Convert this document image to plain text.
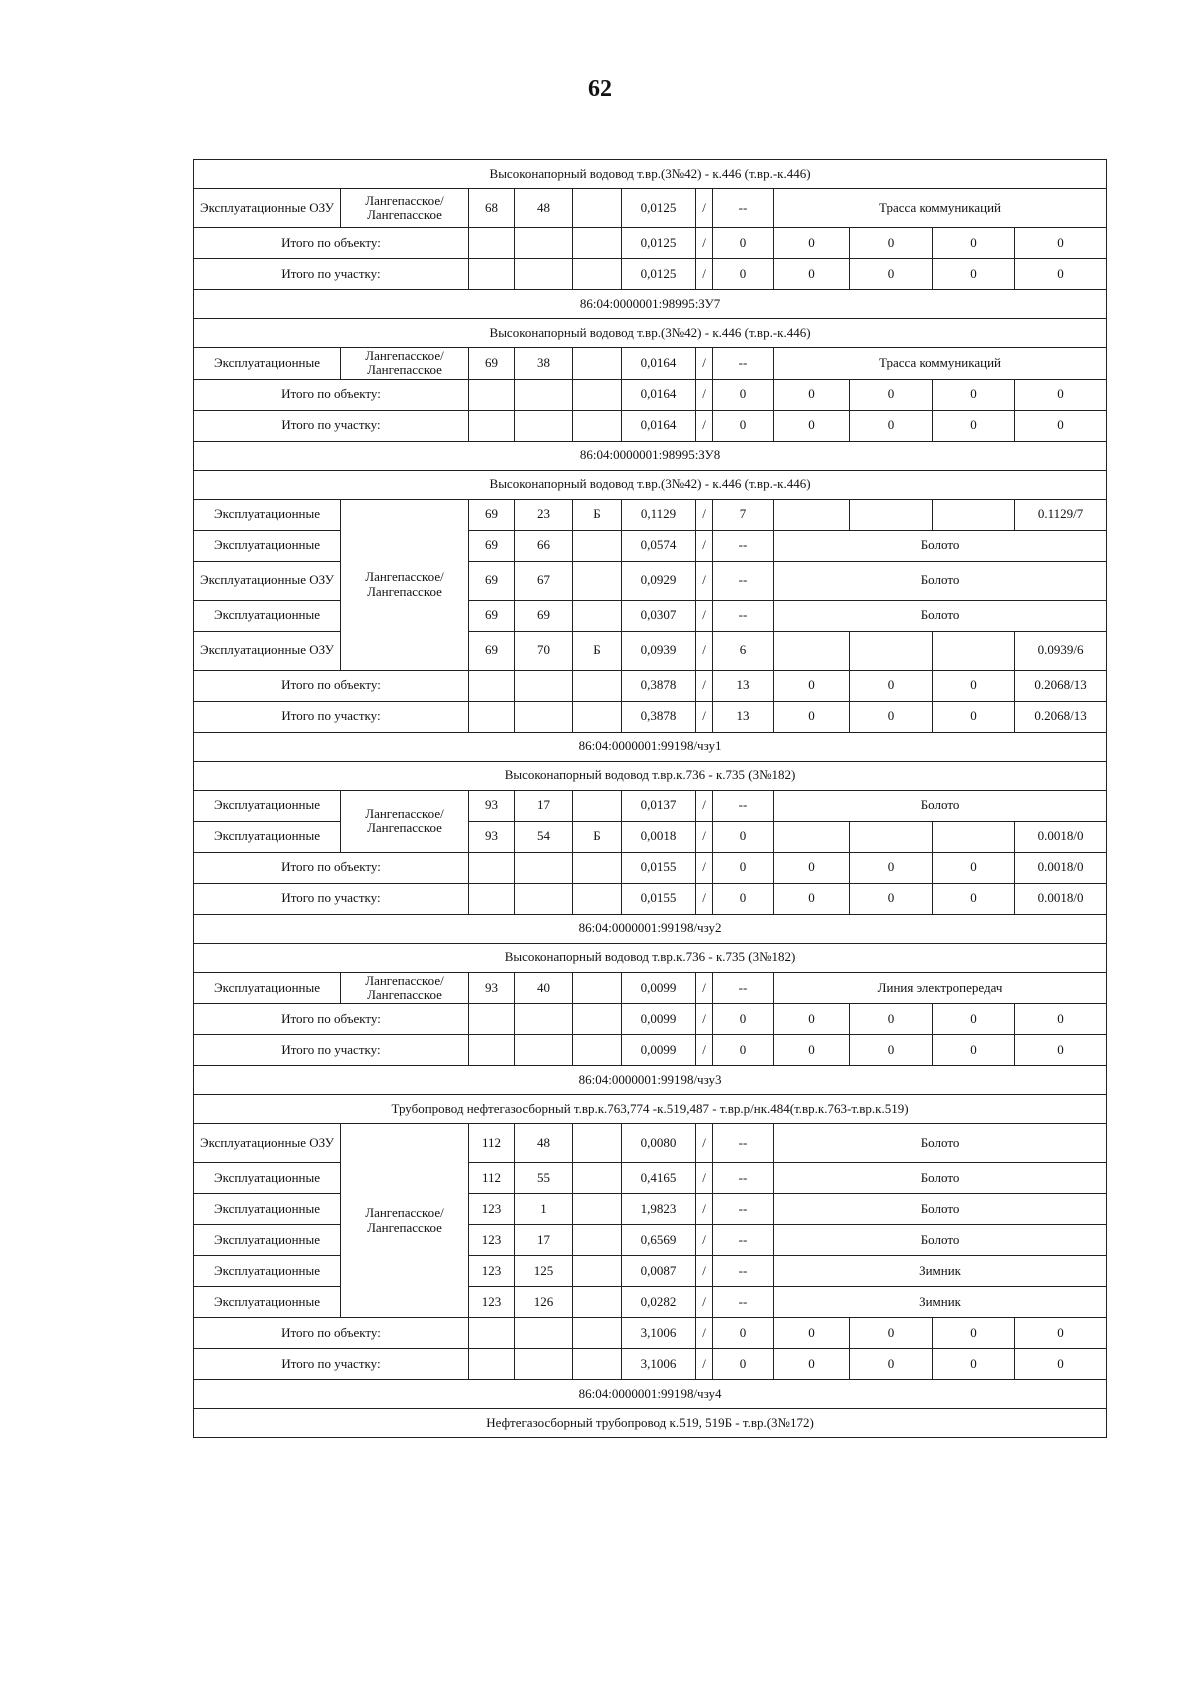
62
Высоконапорный водовод т.вр.(3№42) - к.446 (т.вр.-к.446)											
Эксплуатационные ОЗУ	Лангепасское/ Лангепасское	68	48		0,0125	/	--	Трасса коммуникаций			
Итого по объекту:					0,0125	/	0	0	0	0	0
Итого по участку:					0,0125	/	0	0	0	0	0
86:04:0000001:98995:ЗУ7											
Высоконапорный водовод т.вр.(3№42) - к.446 (т.вр.-к.446)											
Эксплуатационные	Лангепасское/ Лангепасское	69	38		0,0164	/	--	Трасса коммуникаций			
Итого по объекту:					0,0164	/	0	0	0	0	0
Итого по участку:					0,0164	/	0	0	0	0	0
86:04:0000001:98995:ЗУ8											
Высоконапорный водовод т.вр.(3№42) - к.446 (т.вр.-к.446)											
Эксплуатационные	Лангепасское/ Лангепасское	69	23	Б	0,1129	/	7				0.1129/7
Эксплуатационные		69	66		0,0574	/	--	Болото			
Эксплуатационные ОЗУ		69	67		0,0929	/	--	Болото			
Эксплуатационные		69	69		0,0307	/	--	Болото			
Эксплуатационные ОЗУ		69	70	Б	0,0939	/	6				0.0939/6
Итого по объекту:					0,3878	/	13	0	0	0	0.2068/13
Итого по участку:					0,3878	/	13	0	0	0	0.2068/13
86:04:0000001:99198/чзу1											
Высоконапорный водовод т.вр.к.736 - к.735 (3№182)											
Эксплуатационные	Лангепасское/ Лангепасское	93	17		0,0137	/	--	Болото			
Эксплуатационные		93	54	Б	0,0018	/	0				0.0018/0
Итого по объекту:					0,0155	/	0	0	0	0	0.0018/0
Итого по участку:					0,0155	/	0	0	0	0	0.0018/0
86:04:0000001:99198/чзу2											
Высоконапорный водовод т.вр.к.736 - к.735 (3№182)											
Эксплуатационные	Лангепасское/ Лангепасское	93	40		0,0099	/	--	Линия электропередач			
Итого по объекту:					0,0099	/	0	0	0	0	0
Итого по участку:					0,0099	/	0	0	0	0	0
86:04:0000001:99198/чзу3											
Трубопровод нефтегазосборный т.вр.к.763,774 -к.519,487 - т.вр.р/нк.484(т.вр.к.763-т.вр.к.519)											
Эксплуатационные ОЗУ	Лангепасское/ Лангепасское	112	48		0,0080	/	--	Болото			
Эксплуатационные		112	55		0,4165	/	--	Болото			
Эксплуатационные		123	1		1,9823	/	--	Болото			
Эксплуатационные		123	17		0,6569	/	--	Болото			
Эксплуатационные		123	125		0,0087	/	--	Зимник			
Эксплуатационные		123	126		0,0282	/	--	Зимник			
Итого по объекту:					3,1006	/	0	0	0	0	0
Итого по участку:					3,1006	/	0	0	0	0	0
86:04:0000001:99198/чзу4											
Нефтегазосборный трубопровод к.519, 519Б - т.вр.(3№172)											
